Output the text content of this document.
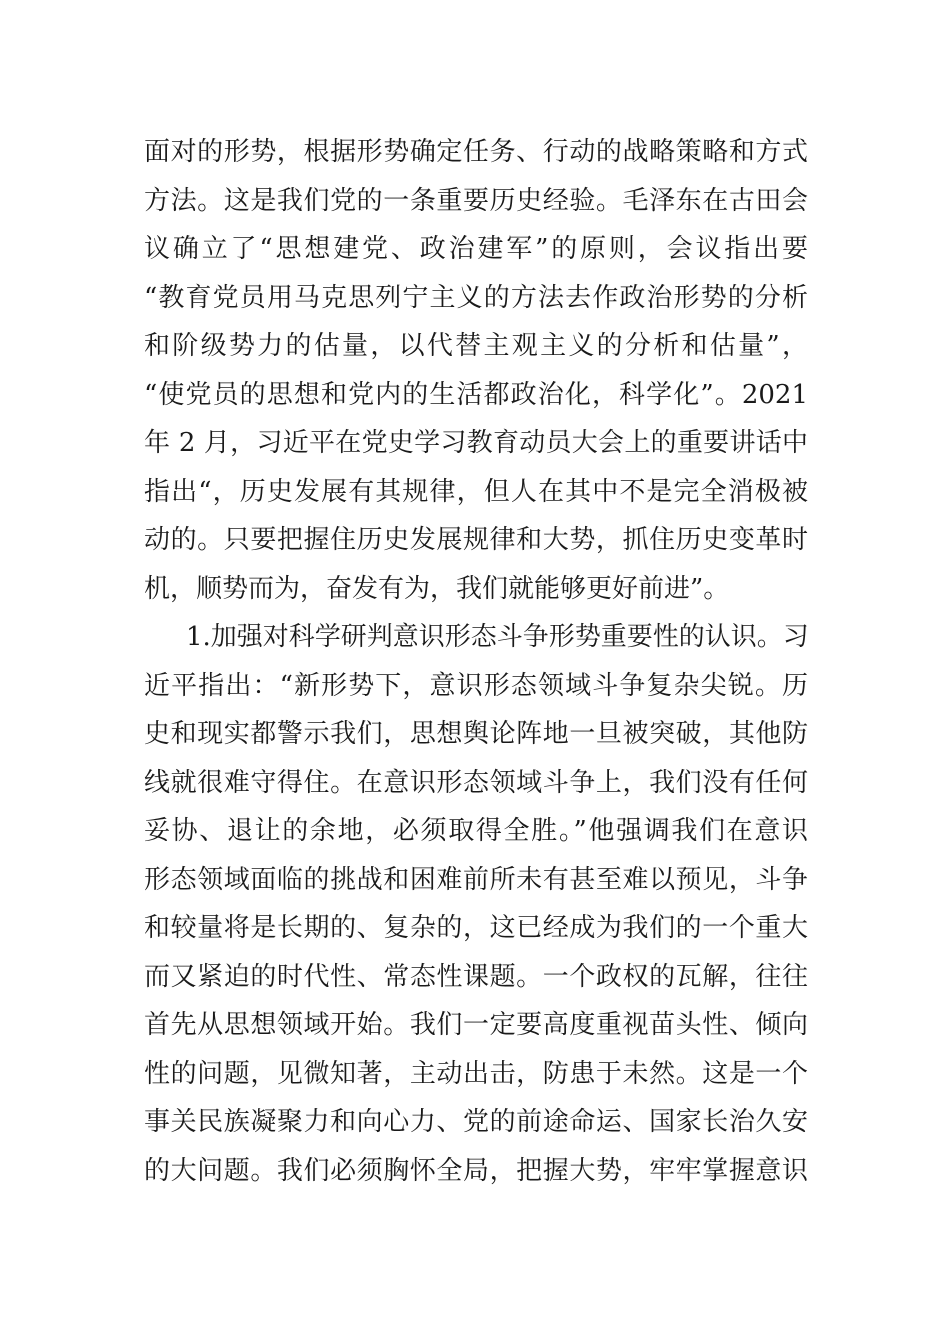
面对的形势，根据形势确定任务、行动的战略策略和方式
方法。这是我们党的一条重要历史经验。毛泽东在古田会
议确立了“思想建党、政治建军”的原则，会议指出要
“教育党员用马克思列宁主义的方法去作政治形势的分析
和阶级势力的估量，以代替主观主义的分析和估量”，
“使党员的思想和党内的生活都政治化，科学化”。2021
年 2 月，习近平在党史学习教育动员大会上的重要讲话中
指出“，历史发展有其规律，但人在其中不是完全消极被
动的。只要把握住历史发展规律和大势，抓住历史变革时
机，顺势而为，奋发有为，我们就能够更好前进”。
1.加强对科学研判意识形态斗争形势重要性的认识。习
近平指出：“新形势下，意识形态领域斗争复杂尖锐。历
史和现实都警示我们，思想舆论阵地一旦被突破，其他防
线就很难守得住。在意识形态领域斗争上，我们没有任何
妥协、退让的余地，必须取得全胜。”他强调我们在意识
形态领域面临的挑战和困难前所未有甚至难以预见，斗争
和较量将是长期的、复杂的，这已经成为我们的一个重大
而又紧迫的时代性、常态性课题。一个政权的瓦解，往往
首先从思想领域开始。我们一定要高度重视苗头性、倾向
性的问题，见微知著，主动出击，防患于未然。这是一个
事关民族凝聚力和向心力、党的前途命运、国家长治久安
的大问题。我们必须胸怀全局，把握大势，牢牢掌握意识
